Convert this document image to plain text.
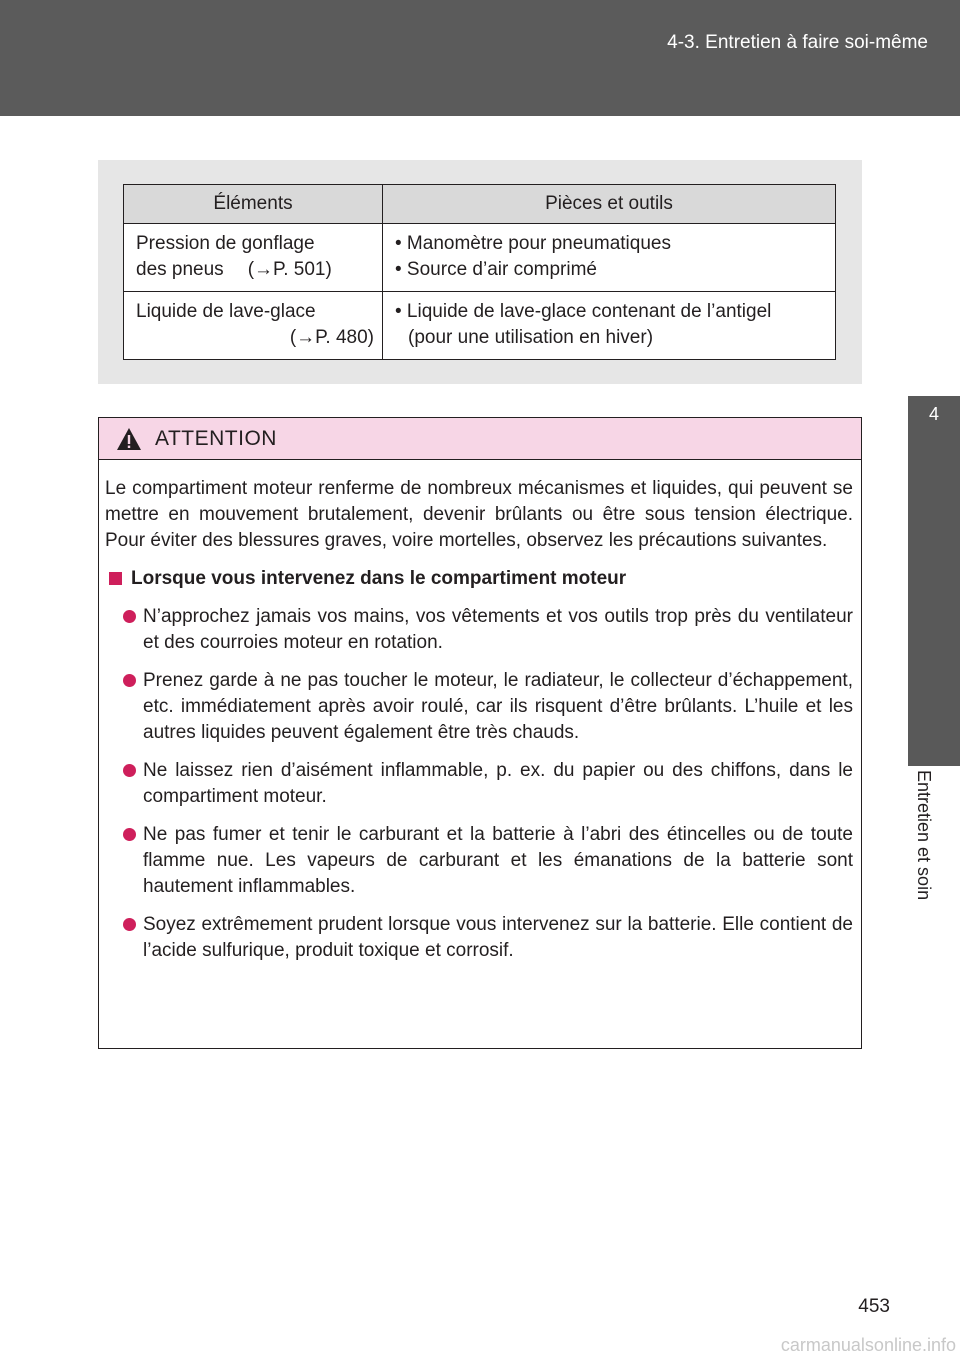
4-3. Entretien à faire soi-même
4
Entretien et soin
Éléments	Pièces et outils

Pression de gonflage
des pneus (→P. 501)	• Manomètre pour pneumatiques
• Source d’air comprimé

Liquide de lave-glace
(→P. 480)	• Liquide de lave-glace contenant de l’antigel
(pour une utilisation en hiver)
ATTENTION

Le compartiment moteur renferme de nombreux mécanismes et liquides, qui peuvent se mettre en mouvement brutalement, devenir brûlants ou être sous tension électrique. Pour éviter des blessures graves, voire mortelles, observez les précautions suivantes.

Lorsque vous intervenez dans le compartiment moteur
N’approchez jamais vos mains, vos vêtements et vos outils trop près du ventilateur et des courroies moteur en rotation.
Prenez garde à ne pas toucher le moteur, le radiateur, le collecteur d’échappement, etc. immédiatement après avoir roulé, car ils risquent d’être brûlants. L’huile et les autres liquides peuvent également être très chauds.
Ne laissez rien d’aisément inflammable, p. ex. du papier ou des chiffons, dans le compartiment moteur.
Ne pas fumer et tenir le carburant et la batterie à l’abri des étincelles ou de toute flamme nue. Les vapeurs de carburant et les émanations de la batterie sont hautement inflammables.
Soyez extrêmement prudent lorsque vous intervenez sur la batterie. Elle contient de l’acide sulfurique, produit toxique et corrosif.
453
carmanualsonline.info
